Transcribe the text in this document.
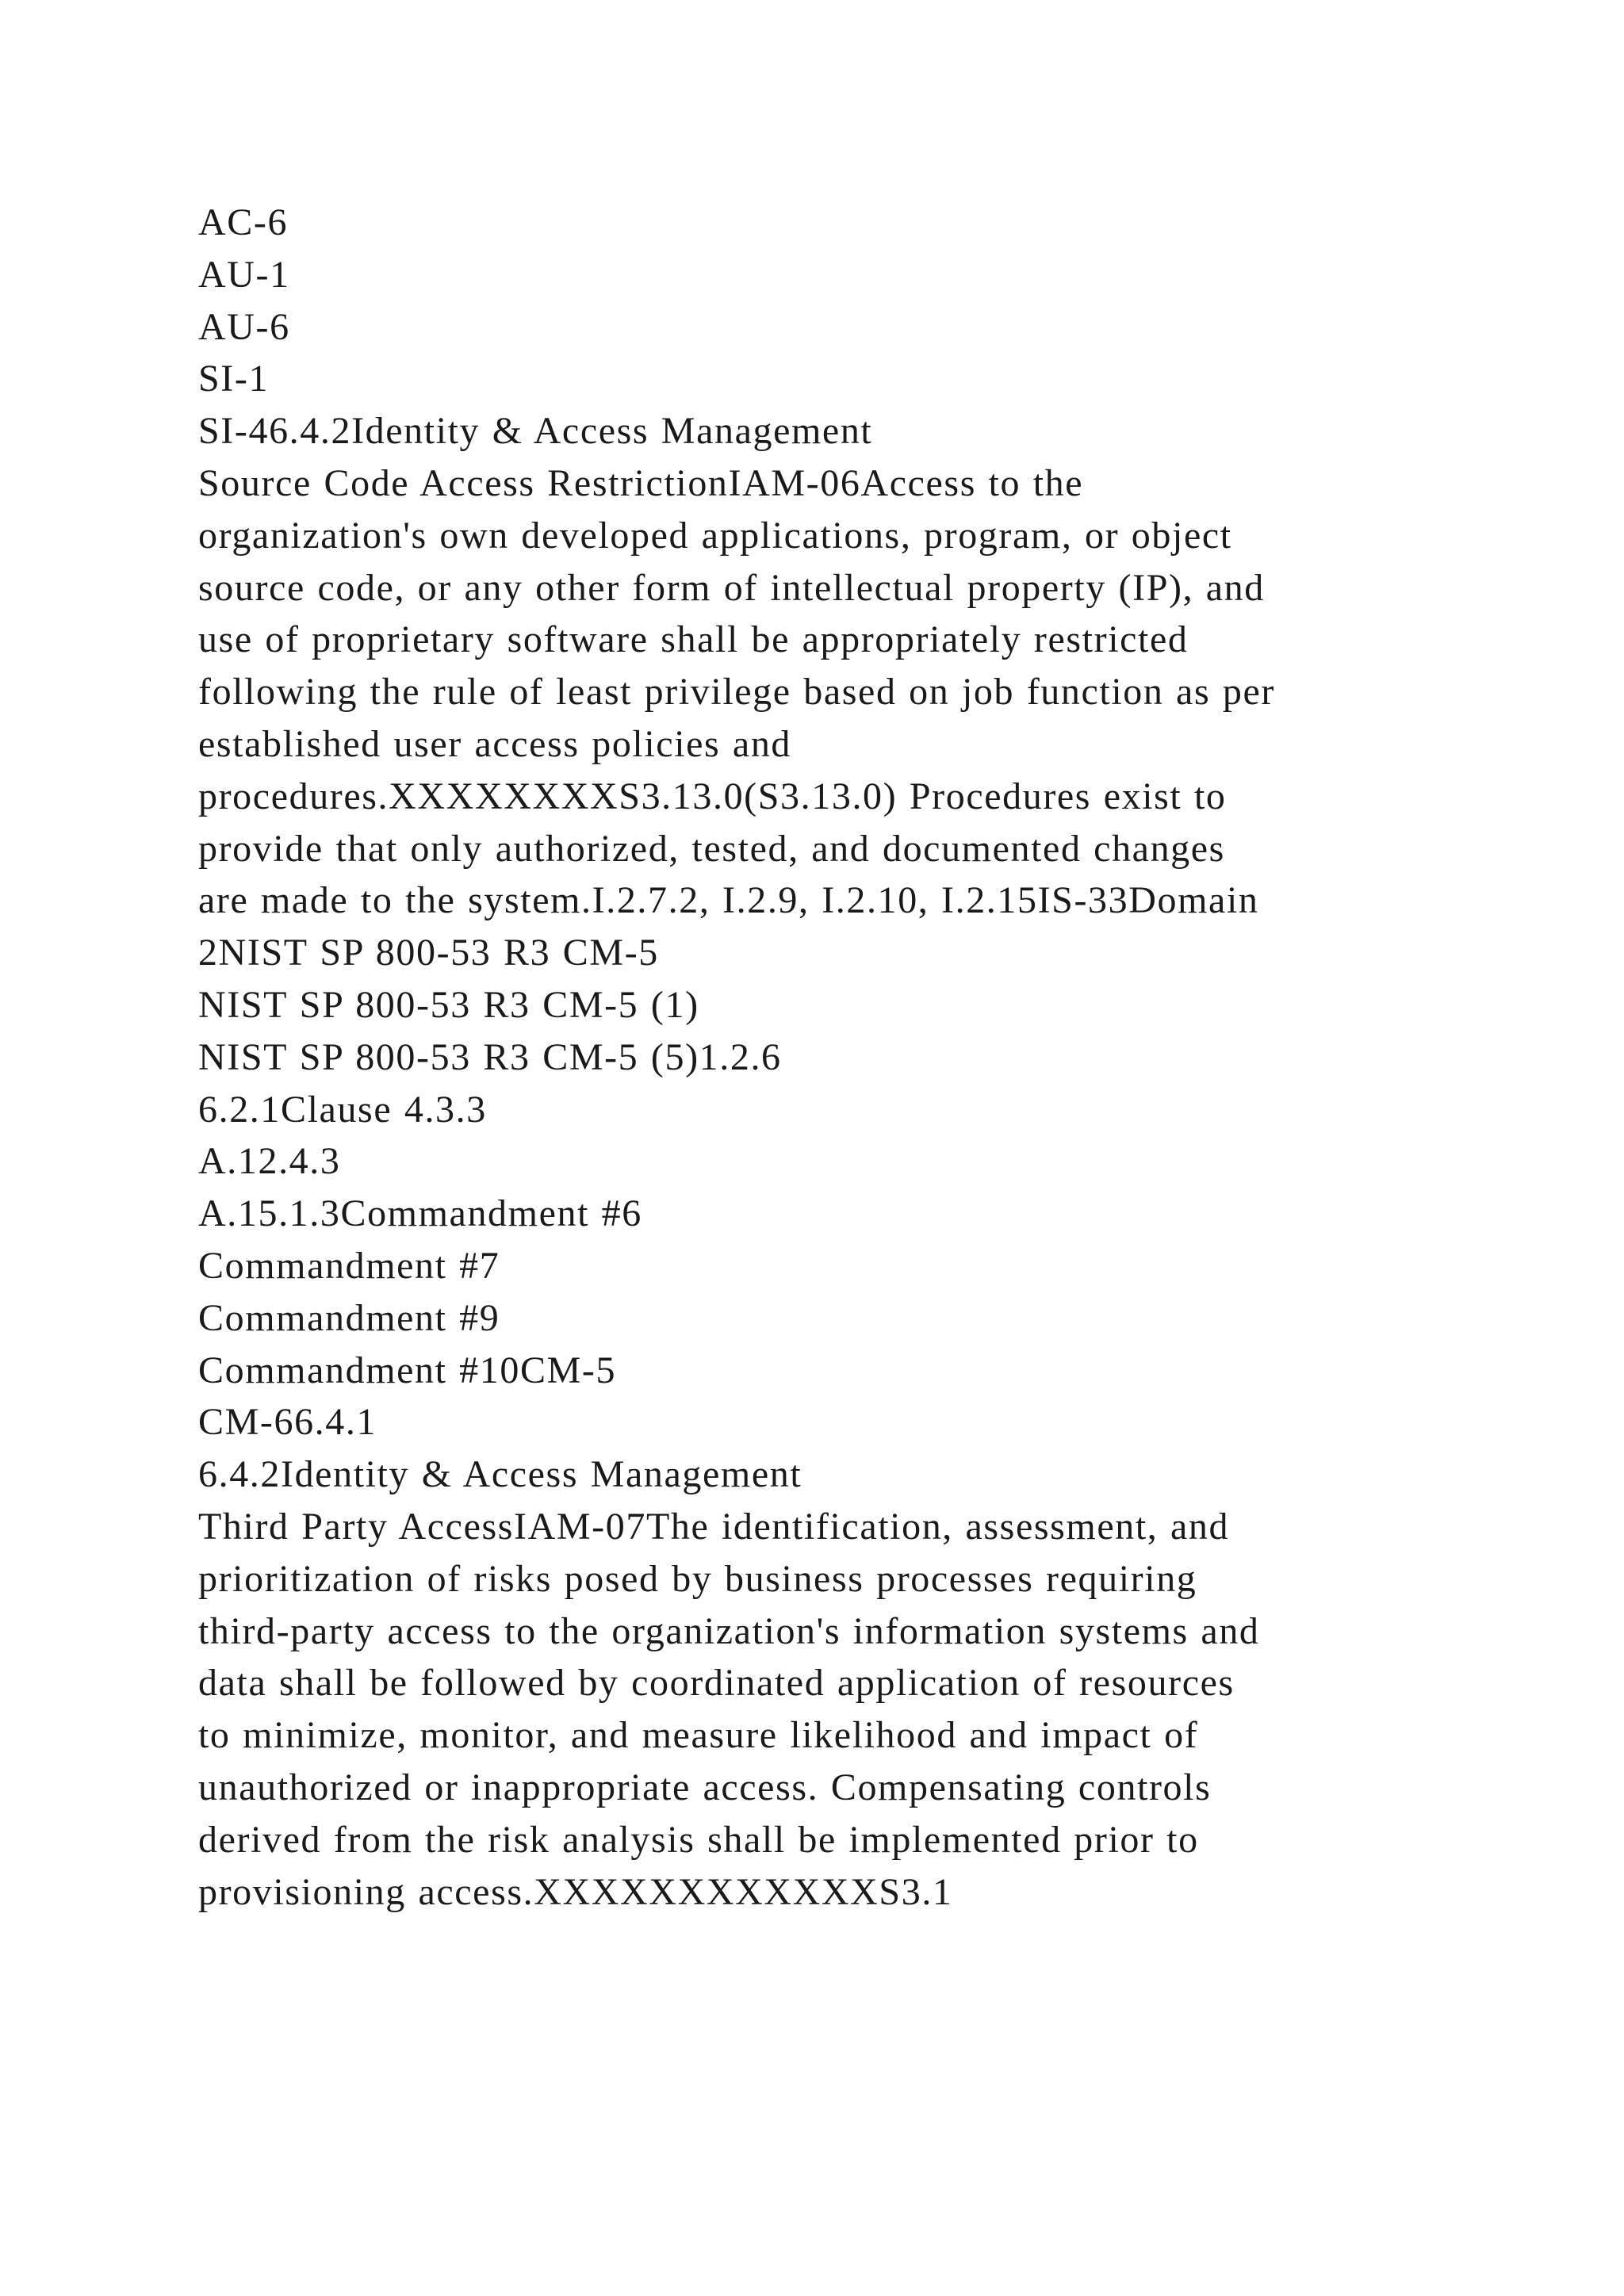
AC-6
AU-1
AU-6
SI-1
SI-46.4.2Identity & Access Management
Source Code Access RestrictionIAM-06Access to the
organization's own developed applications, program, or object
source code, or any other form of intellectual property (IP), and
use of proprietary software shall be appropriately restricted
following the rule of least privilege based on job function as per
established user access policies and
procedures.XXXXXXXXS3.13.0(S3.13.0) Procedures exist to
provide that only authorized, tested, and documented changes
are made to the system.I.2.7.2, I.2.9, I.2.10, I.2.15IS-33Domain
2NIST SP 800-53 R3 CM-5
NIST SP 800-53 R3 CM-5 (1)
NIST SP 800-53 R3 CM-5 (5)1.2.6
6.2.1Clause 4.3.3
A.12.4.3
A.15.1.3Commandment #6
Commandment #7
Commandment #9
Commandment #10CM-5
CM-66.4.1
6.4.2Identity & Access Management
Third Party AccessIAM-07The identification, assessment, and
prioritization of risks posed by business processes requiring
third-party access to the organization's information systems and
data shall be followed by coordinated application of resources
to minimize, monitor, and measure likelihood and impact of
unauthorized or inappropriate access. Compensating controls
derived from the risk analysis shall be implemented prior to
provisioning access.XXXXXXXXXXXXS3.1
